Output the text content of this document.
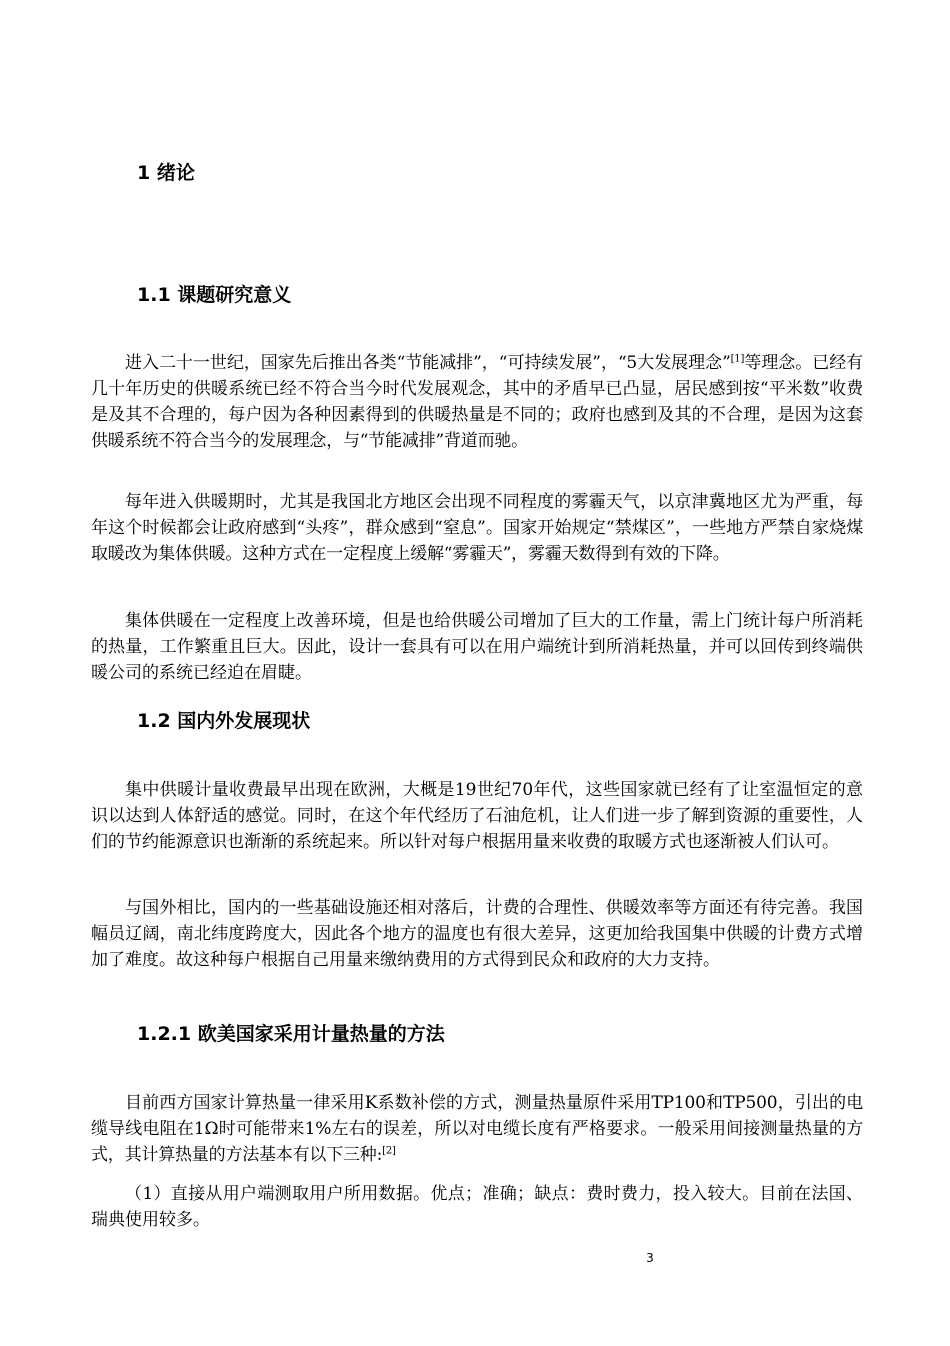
1 绪论
1.1 课题研究意义

进入二十一世纪，国家先后推出各类“节能减排”，“可持续发展”，“5大发展理念”[1]等理念。已经有几十年历史的供暖系统已经不符合当今时代发展观念，其中的矛盾早已凸显，居民感到按“平米数”收费是及其不合理的，每户因为各种因素得到的供暖热量是不同的；政府也感到及其的不合理，是因为这套供暖系统不符合当今的发展理念，与“节能减排”背道而驰。

每年进入供暖期时，尤其是我国北方地区会出现不同程度的雾霾天气，以京津冀地区尤为严重，每年这个时候都会让政府感到“头疼”，群众感到“窒息”。国家开始规定“禁煤区”，一些地方严禁自家烧煤取暖改为集体供暖。这种方式在一定程度上缓解“雾霾天”，雾霾天数得到有效的下降。

集体供暖在一定程度上改善环境，但是也给供暖公司增加了巨大的工作量，需上门统计每户所消耗的热量，工作繁重且巨大。因此，设计一套具有可以在用户端统计到所消耗热量，并可以回传到终端供暖公司的系统已经迫在眉睫。

1.2 国内外发展现状

集中供暖计量收费最早出现在欧洲，大概是19世纪70年代，这些国家就已经有了让室温恒定的意识以达到人体舒适的感觉。同时，在这个年代经历了石油危机，让人们进一步了解到资源的重要性，人们的节约能源意识也渐渐的系统起来。所以针对每户根据用量来收费的取暖方式也逐渐被人们认可。

与国外相比，国内的一些基础设施还相对落后，计费的合理性、供暖效率等方面还有待完善。我国幅员辽阔，南北纬度跨度大，因此各个地方的温度也有很大差异，这更加给我国集中供暖的计费方式增加了难度。故这种每户根据自己用量来缴纳费用的方式得到民众和政府的大力支持。

1.2.1 欧美国家采用计量热量的方法

目前西方国家计算热量一律采用K系数补偿的方式，测量热量原件采用TP100和TP500，引出的电缆导线电阻在1Ω时可能带来1%左右的误差，所以对电缆长度有严格要求。一般采用间接测量热量的方式，其计算热量的方法基本有以下三种:[2]

（1）直接从用户端测取用户所用数据。优点；准确；缺点：费时费力，投入较大。目前在法国、瑞典使用较多。

3
